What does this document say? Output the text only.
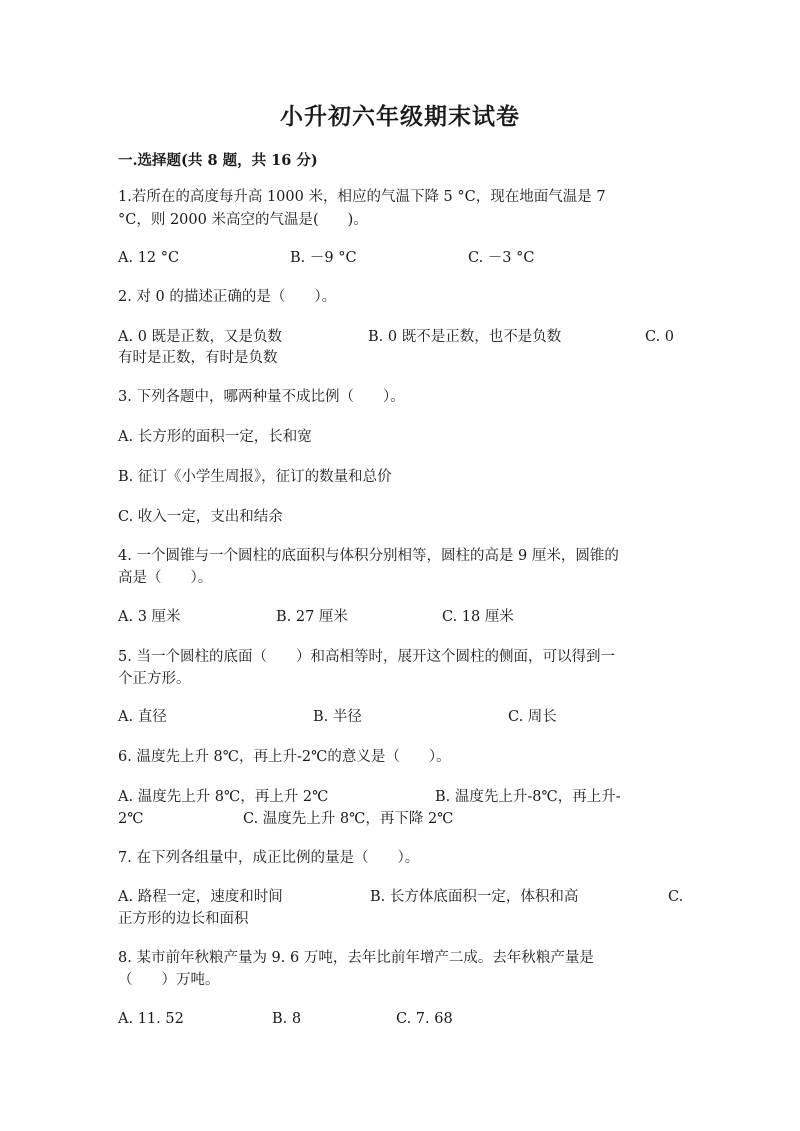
小升初六年级期末试卷
一.选择题(共 8 题，共 16 分)
1.若所在的高度每升高 1000 米，相应的气温下降 5 °C，现在地面气温是 7
°C，则 2000 米高空的气温是(　　)。
A. 12 °C	B. －9 °C	C. －3 °C
2. 对 0 的描述正确的是（　　）。
A. 0 既是正数，又是负数	B. 0 既不是正数，也不是负数	C. 0
有时是正数，有时是负数
3. 下列各题中，哪两种量不成比例（　　）。
A. 长方形的面积一定，长和宽
B. 征订《小学生周报》，征订的数量和总价
C. 收入一定，支出和结余
4. 一个圆锥与一个圆柱的底面积与体积分别相等，圆柱的高是 9 厘米，圆锥的
高是（　　）。
A. 3 厘米	B. 27 厘米	C. 18 厘米
5. 当一个圆柱的底面（　　）和高相等时，展开这个圆柱的侧面，可以得到一
个正方形。
A. 直径	B. 半径	C. 周长
6. 温度先上升 8℃，再上升-2℃的意义是（　　）。
A. 温度先上升 8℃，再上升 2℃	B. 温度先上升-8℃，再上升-
2℃	C. 温度先上升 8℃，再下降 2℃
7. 在下列各组量中，成正比例的量是（　　）。
A. 路程一定，速度和时间	B. 长方体底面积一定，体积和高	C.
正方形的边长和面积
8. 某市前年秋粮产量为 9. 6 万吨，去年比前年增产二成。去年秋粮产量是
（　　）万吨。
A. 11. 52	B. 8	C. 7. 68
